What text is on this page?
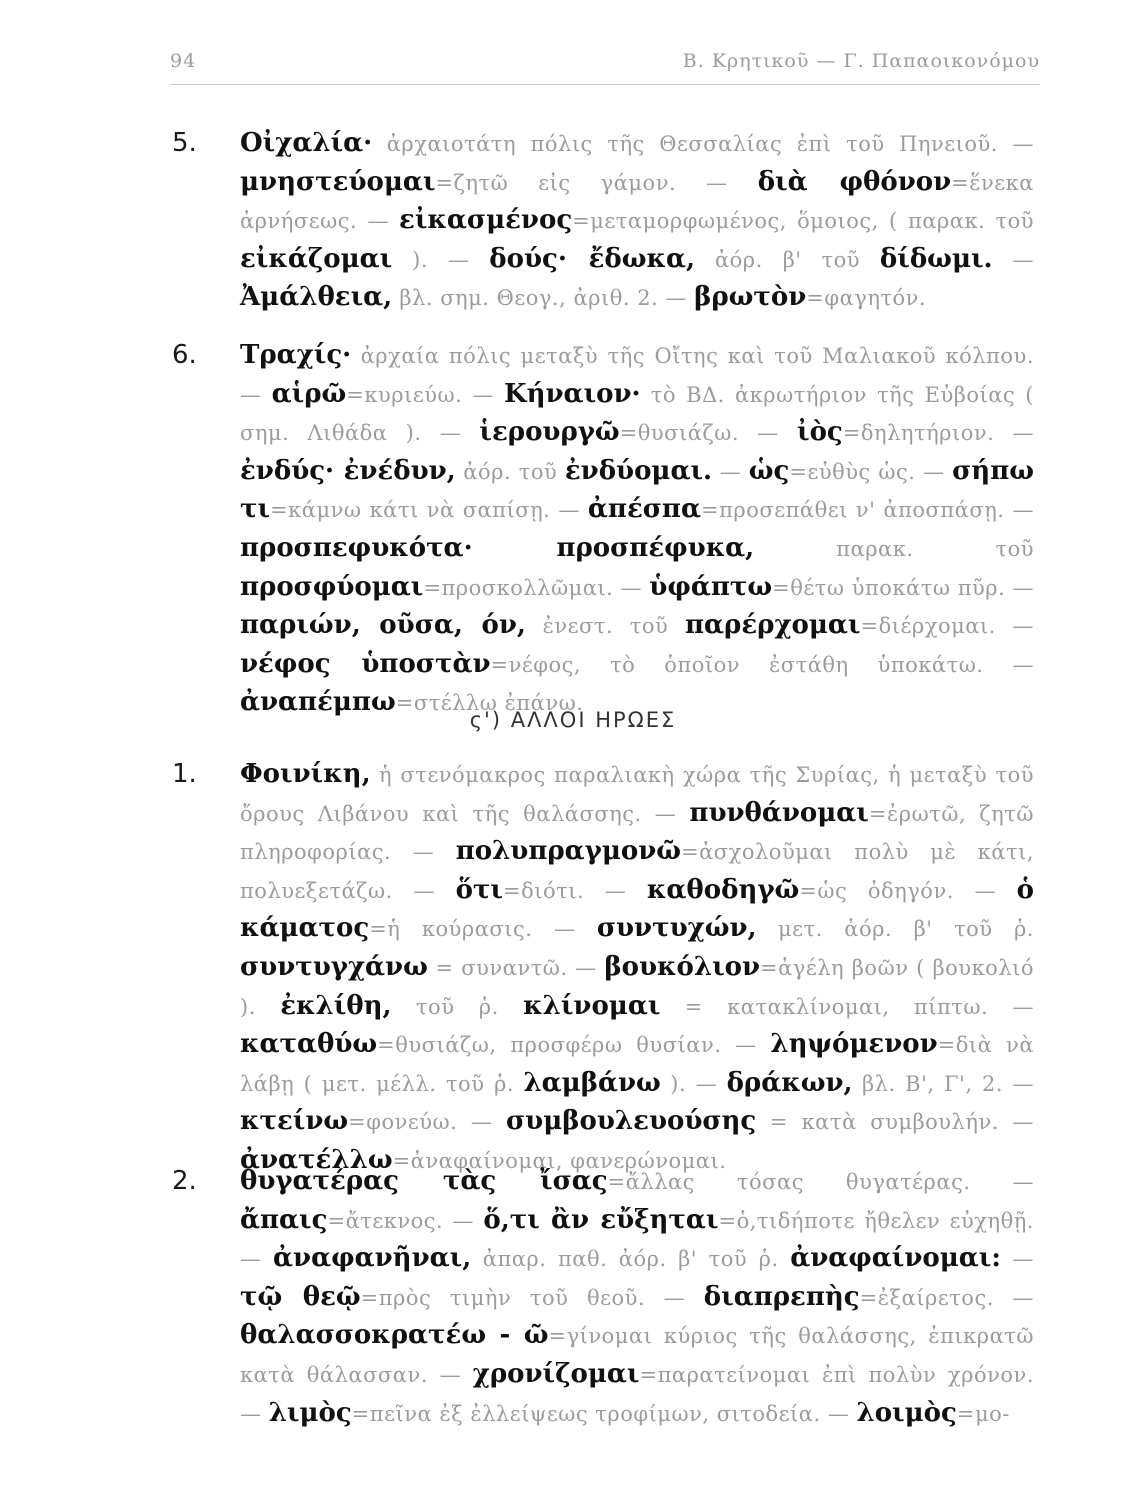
94	Β. Κρητικοῦ — Γ. Παπαοικονόμου
5. Οἰχαλία· ἀρχαιοτάτη πόλις τῆς Θεσσαλίας ἐπὶ τοῦ Πηνειοῦ. — μνηστεύομαι=ζητῶ εἰς γάμον. — διὰ φθόνον=ἕνεκα ἀρνήσεως. — εἰκασμένος=μεταμορφωμένος, ὅμοιος, ( παρακ. τοῦ εἰκάζομαι ). — δούς· ἔδωκα, ἀόρ. β' τοῦ δίδωμι. — Ἀμάλθεια, βλ. σημ. Θεογ., ἀριθ. 2. — βρωτὸν=φαγητόν.
6. Τραχίς· ἀρχαία πόλις μεταξὺ τῆς Οἴτης καὶ τοῦ Μαλιακοῦ κόλπου.— αἱρῶ=κυριεύω. — Κήναιον· τὸ ΒΔ. ἀκρωτήριον τῆς Εὐβοίας ( σημ. Λιθάδα ). — ἱερουργῶ=θυσιάζω. — ἰὸς=δηλητήριον. — ἐνδύς· ἐνέδυν, ἀόρ. τοῦ ἐνδύομαι. — ὡς=εὐθὺς ὡς. — σήπω τι=κάμνω κάτι νὰ σαπίσῃ. — ἀπέσπα=προσεπάθει ν' ἀποσπάσῃ. — προσπεφυκότα· προσπέφυκα, παρακ. τοῦ προσφύομαι=προσκολλῶμαι. — ὑφάπτω=θέτω ὑποκάτω πῦρ. — παριών, οῦσα, όν, ἐνεστ. τοῦ παρέρχομαι=διέρχομαι. — νέφος ὑποστὰν=νέφος, τὸ ὁποῖον ἐστάθη ὑποκάτω. — ἀναπέμπω=στέλλω ἐπάνω.
ς') ΑΛΛΟΙ ΗΡΩΕΣ
1. Φοινίκη, ἡ στενόμακρος παραλιακὴ χώρα τῆς Συρίας, ἡ μεταξὺ τοῦ ὄρους Λιβάνου καὶ τῆς θαλάσσης. — πυνθάνομαι=ἐρωτῶ, ζητῶ πληροφορίας. — πολυπραγμονῶ=ἀσχολοῦμαι πολὺ μὲ κάτι, πολυεξετάζω. — ὅτι=διότι. — καθοδηγῶ=ὡς ὁδηγόν. — ὁ κάματος=ἡ κούρασις. — συντυχών, μετ. ἀόρ. β' τοῦ ῥ. συντυγχάνω = συναντῶ. — βουκόλιον=ἀγέλη βοῶν ( βουκολιό ). ἐκλίθη, τοῦ ῥ. κλίνομαι = κατακλίνομαι, πίπτω. — καταθύω=θυσιάζω, προσφέρω θυσίαν. — ληψόμενον=διὰ νὰ λάβῃ ( μετ. μέλλ. τοῦ ῥ. λαμβάνω ). — δράκων, βλ. Β', Γ', 2. — κτείνω=φονεύω. — συμβουλευούσης = κατὰ συμβουλήν. — ἀνατέλλω=ἀναφαίνομαι, φανερώνομαι.
2. θυγατέρας τὰς ἴσας=ἄλλας τόσας θυγατέρας. — ἄπαις=ἄτεκνος. — ὅ,τι ἂν εὔξηται=ὁ,τιδήποτε ἤθελεν εὐχηθῇ. — ἀναφανῆναι, ἀπαρ. παθ. ἀόρ. β' τοῦ ῥ. ἀναφαίνομαι: — τῷ θεῷ=πρὸς τιμὴν τοῦ θεοῦ. — διαπρεπὴς=ἐξαίρετος. — θαλασσοκρατέω - ῶ=γίνομαι κύριος τῆς θαλάσσης, ἐπικρατῶ κατὰ θάλασσαν. — χρονίζομαι=παρατείνομαι ἐπὶ πολὺν χρόνον. — λιμὸς=πεῖνα ἐξ ἐλλείψεως τροφίμων, σιτοδεία. — λοιμὸς=μο-
